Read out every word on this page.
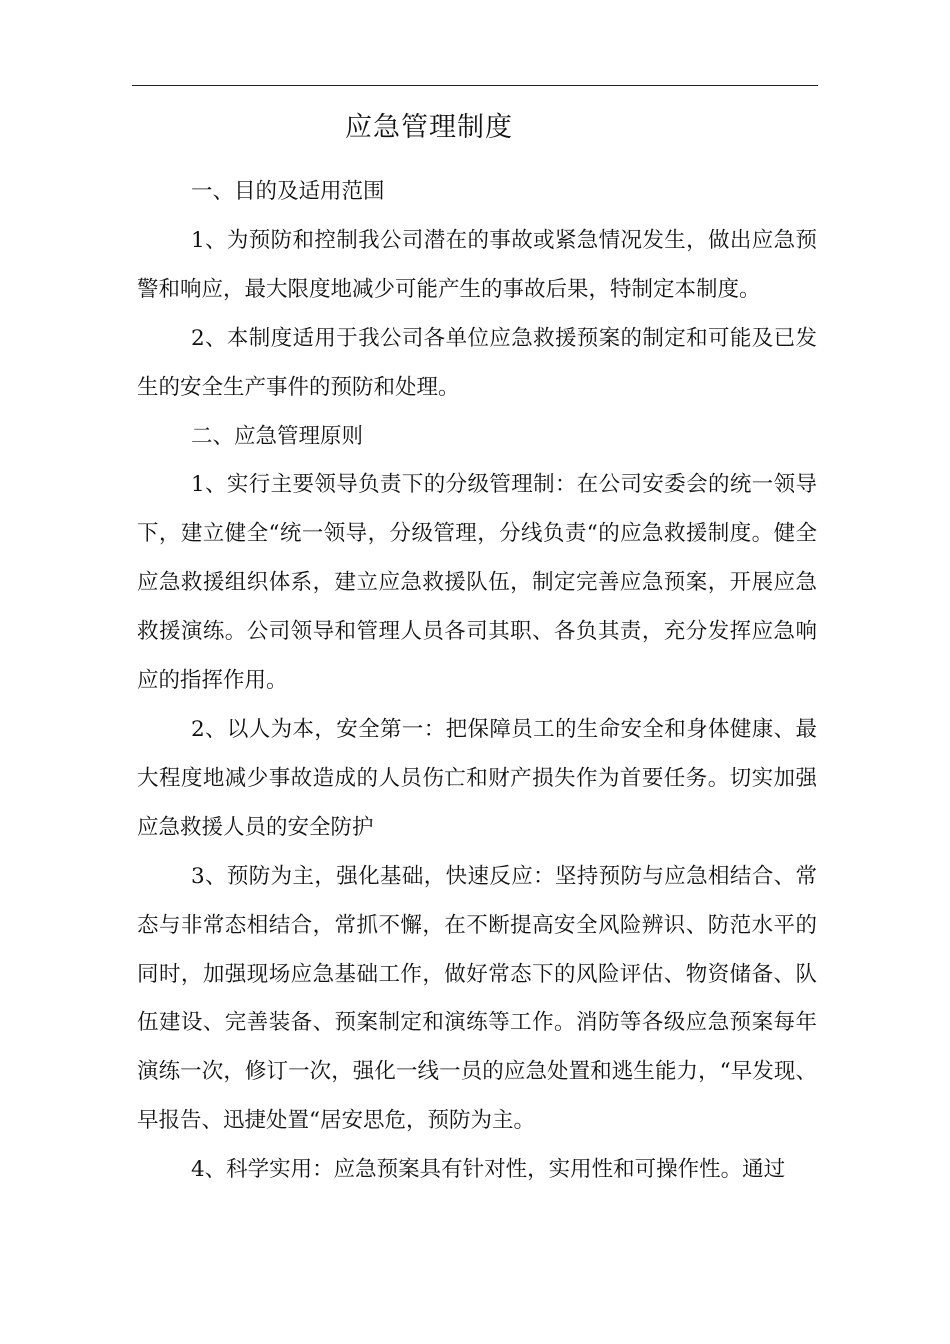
应急管理制度

一、目的及适用范围

1、为预防和控制我公司潜在的事故或紧急情况发生，做出应急预警和响应，最大限度地减少可能产生的事故后果，特制定本制度。

2、本制度适用于我公司各单位应急救援预案的制定和可能及已发生的安全生产事件的预防和处理。

二、应急管理原则

1、实行主要领导负责下的分级管理制：在公司安委会的统一领导下，建立健全“统一领导，分级管理，分线负责“的应急救援制度。健全应急救援组织体系，建立应急救援队伍，制定完善应急预案，开展应急救援演练。公司领导和管理人员各司其职、各负其责，充分发挥应急响应的指挥作用。

2、以人为本，安全第一：把保障员工的生命安全和身体健康、最大程度地减少事故造成的人员伤亡和财产损失作为首要任务。切实加强应急救援人员的安全防护

3、预防为主，强化基础，快速反应：坚持预防与应急相结合、常态与非常态相结合，常抓不懈，在不断提高安全风险辨识、防范水平的同时，加强现场应急基础工作，做好常态下的风险评估、物资储备、队伍建设、完善装备、预案制定和演练等工作。消防等各级应急预案每年演练一次，修订一次，强化一线一员的应急处置和逃生能力，“早发现、早报告、迅捷处置“居安思危，预防为主。

4、科学实用：应急预案具有针对性，实用性和可操作性。通过
